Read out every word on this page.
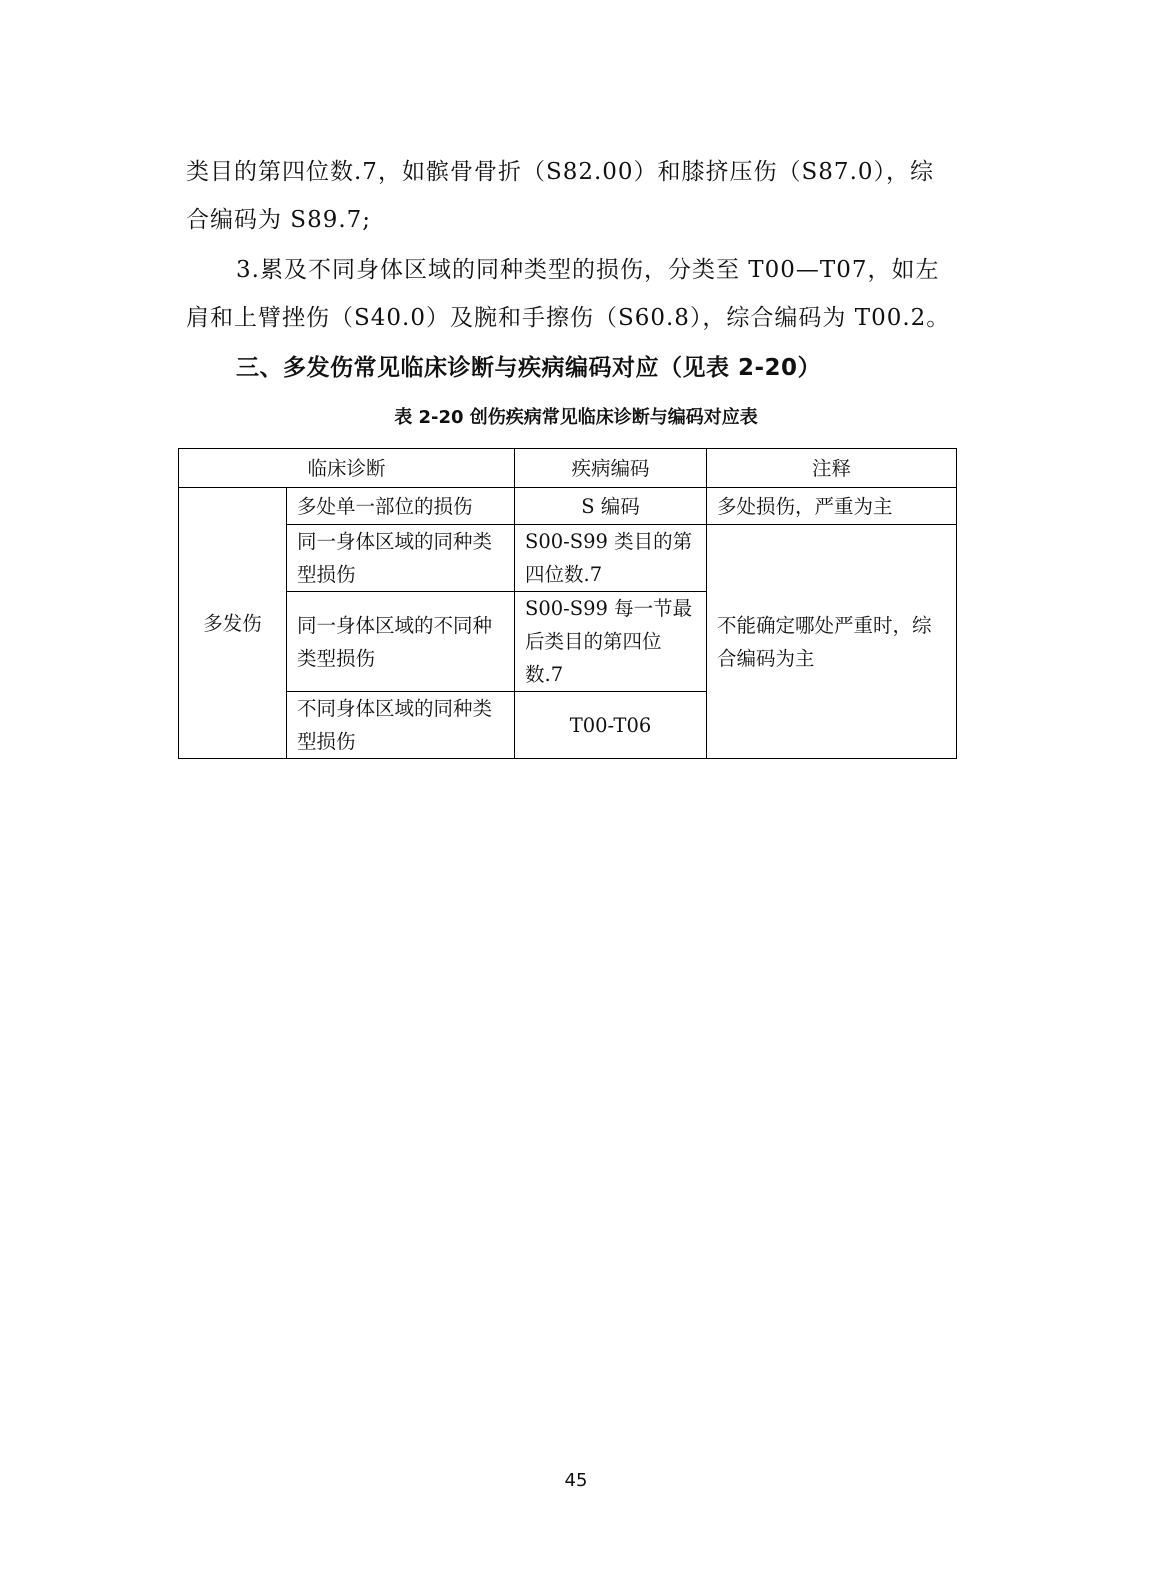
类目的第四位数.7，如髌骨骨折（S82.00）和膝挤压伤（S87.0），综
合编码为 S89.7;
3.累及不同身体区域的同种类型的损伤，分类至 T00—T07，如左
肩和上臂挫伤（S40.0）及腕和手擦伤（S60.8），综合编码为 T00.2。
三、多发伤常见临床诊断与疾病编码对应（见表 2-20）
表 2-20 创伤疾病常见临床诊断与编码对应表
临床诊断		疾病编码	注释
多发伤	多处单一部位的损伤	S 编码	多处损伤，严重为主
	同一身体区域的同种类型损伤	S00-S99 类目的第四位数.7	不能确定哪处严重时，综合编码为主
	同一身体区域的不同种类型损伤	S00-S99 每一节最后类目的第四位数.7	
	不同身体区域的同种类型损伤	T00-T06	
45
